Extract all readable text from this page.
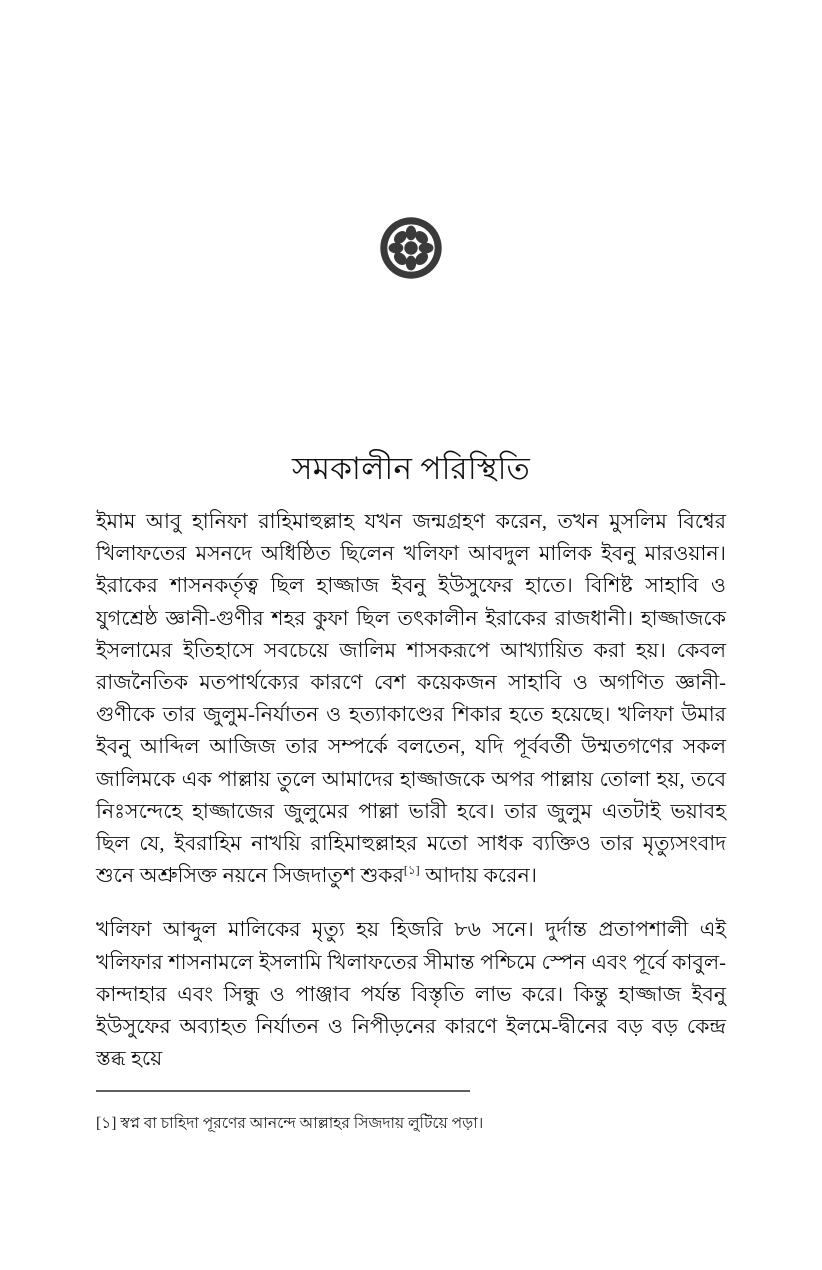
সমকালীন পরিস্থিতি

ইমাম আবু হানিফা রাহিমাহুল্লাহ যখন জন্মগ্রহণ করেন, তখন মুসলিম বিশ্বের খিলাফতের মসনদে অধিষ্ঠিত ছিলেন খলিফা আবদুল মালিক ইবনু মারওয়ান। ইরাকের শাসনকর্তৃত্ব ছিল হাজ্জাজ ইবনু ইউসুফের হাতে। বিশিষ্ট সাহাবি ও যুগশ্রেষ্ঠ জ্ঞানী-গুণীর শহর কুফা ছিল তৎকালীন ইরাকের রাজধানী। হাজ্জাজকে ইসলামের ইতিহাসে সবচেয়ে জালিম শাসকরূপে আখ্যায়িত করা হয়। কেবল রাজনৈতিক মতপার্থক্যের কারণে বেশ কয়েকজন সাহাবি ও অগণিত জ্ঞানী-গুণীকে তার জুলুম-নির্যাতন ও হত্যাকাণ্ডের শিকার হতে হয়েছে। খলিফা উমার ইবনু আব্দিল আজিজ তার সম্পর্কে বলতেন, যদি পূর্ববর্তী উম্মতগণের সকল জালিমকে এক পাল্লায় তুলে আমাদের হাজ্জাজকে অপর পাল্লায় তোলা হয়, তবে নিঃসন্দেহে হাজ্জাজের জুলুমের পাল্লা ভারী হবে। তার জুলুম এতটাই ভয়াবহ ছিল যে, ইবরাহিম নাখয়ি রাহিমাহুল্লাহর মতো সাধক ব্যক্তিও তার মৃত্যুসংবাদ শুনে অশ্রুসিক্ত নয়নে সিজদাতুশ শুকর[১] আদায় করেন।

খলিফা আব্দুল মালিকের মৃত্যু হয় হিজরি ৮৬ সনে। দুর্দান্ত প্রতাপশালী এই খলিফার শাসনামলে ইসলামি খিলাফতের সীমান্ত পশ্চিমে স্পেন এবং পূর্বে কাবুল-কান্দাহার এবং সিন্ধু ও পাঞ্জাব পর্যন্ত বিস্তৃতি লাভ করে। কিন্তু হাজ্জাজ ইবনু ইউসুফের অব্যাহত নির্যাতন ও নিপীড়নের কারণে ইলমে-দ্বীনের বড় বড় কেন্দ্র স্তব্ধ হয়ে

[১] স্বপ্ন বা চাহিদা পূরণের আনন্দে আল্লাহর সিজদায় লুটিয়ে পড়া।
